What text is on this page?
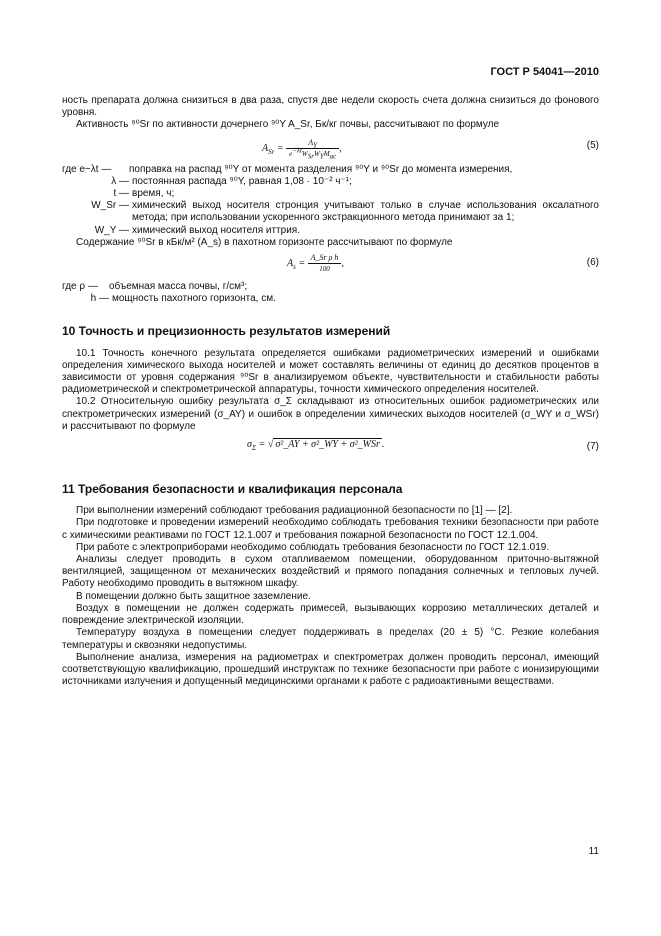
ГОСТ Р 54041—2010

ность препарата должна снизиться в два раза, спустя две недели скорость счета должна снизиться до фонового уровня.

Активность ⁹⁰Sr по активности дочернего ⁹⁰Y A_Sr, Бк/кг почвы, рассчитывают по формуле

$A_{Sr} = \frac{A_Y}{e^{-\lambda t}W_{Sr}W_YM_{ac}}$ ,	(5)
где e−λt —	поправка на распад ⁹⁰Y от момента разделения ⁹⁰Y и ⁹⁰Sr до момента измерения,
λ — постоянная распада ⁹⁰Y, равная 1,08 · 10⁻² ч⁻¹;
t — время, ч;
W_Sr — химический выход носителя стронция учитывают только в случае использования оксалатного метода; при использовании ускоренного экстракционного метода принимают за 1;
W_Y — химический выход носителя иттрия.

Содержание ⁹⁰Sr в кБк/м² (A_s) в пахотном горизонте рассчитывают по формуле

$A_s = \frac{\text{A\_Sr ρ h}}{100}$ ,	(6)
где ρ —	объемная масса почвы, г/см³;
h — мощность пахотного горизонта, см.
10 Точность и прецизионность результатов измерений

10.1 Точность конечного результата определяется ошибками радиометрических измерений и ошибками определения химического выхода носителей и может составлять величины от единиц до десятков процентов в зависимости от уровня содержания ⁹⁰Sr в анализируемом объекте, чувствительности и стабильности работы радиометрической и спектрометрической аппаратуры, точности химического определения носителей.

10.2 Относительную ошибку результата σ_Σ складывают из относительных ошибок радиометрических или спектрометрических измерений (σ_AY) и ошибок в определении химических выходов носителей (σ_WY и σ_WSr) и рассчитывают по формуле

$\sigma_\Sigma$ = √ σ²_AY + σ²_WY + σ²_WSr .	(7)
11 Требования безопасности и квалификация персонала

При выполнении измерений соблюдают требования радиационной безопасности по [1] — [2].

При подготовке и проведении измерений необходимо соблюдать требования техники безопасности при работе с химическими реактивами по ГОСТ 12.1.007 и требования пожарной безопасности по ГОСТ 12.1.004.

При работе с электроприборами необходимо соблюдать требования безопасности по ГОСТ 12.1.019.

Анализы следует проводить в сухом отапливаемом помещении, оборудованном приточно-вытяжной вентиляцией, защищенном от механических воздействий и прямого попадания солнечных и тепловых лучей. Работу необходимо проводить в вытяжном шкафу.

В помещении должно быть защитное заземление.

Воздух в помещении не должен содержать примесей, вызывающих коррозию металлических деталей и повреждение электрической изоляции.

Температуру воздуха в помещении следует поддерживать в пределах (20 ± 5) °С. Резкие колебания температуры и сквозняки недопустимы.

Выполнение анализа, измерения на радиометрах и спектрометрах должен проводить персонал, имеющий соответствующую квалификацию, прошедший инструктаж по технике безопасности при работе с ионизирующими источниками излучения и допущенный медицинскими органами к работе с радиоактивными веществами.

11
